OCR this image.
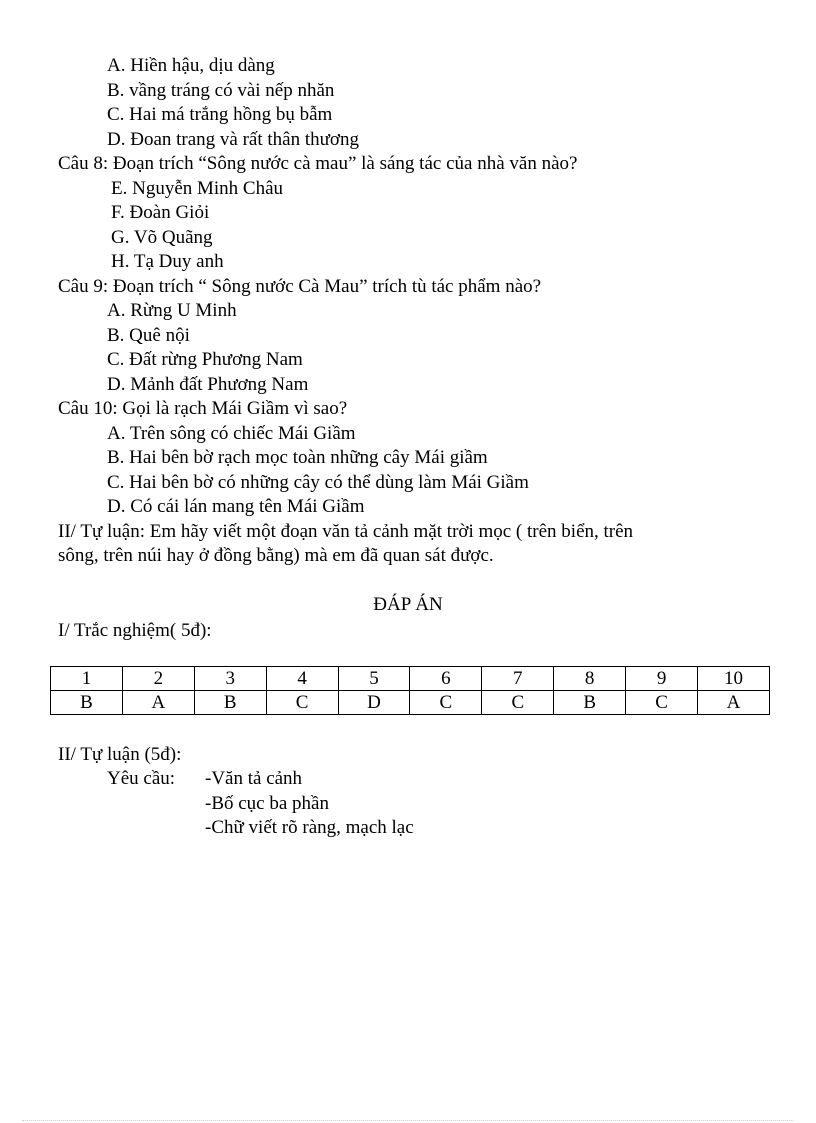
A. Hiền hậu, dịu dàng
B. vầng tráng có vài nếp nhăn
C. Hai má trắng hồng bụ bẫm
D. Đoan trang và rất thân thương
Câu 8: Đoạn trích “Sông nước cà mau” là sáng tác của nhà văn nào?
E. Nguyễn Minh Châu
F. Đoàn Giỏi
G. Võ Quãng
H. Tạ Duy anh
Câu 9: Đoạn trích “ Sông nước Cà Mau” trích tù tác phẩm nào?
A. Rừng U Minh
B. Quê nội
C. Đất rừng Phương Nam
D. Mảnh đất Phương Nam
Câu 10: Gọi là rạch Mái Giầm vì sao?
A. Trên sông có chiếc Mái Giầm
B. Hai bên bờ rạch mọc toàn những cây Mái giầm
C. Hai bên bờ có những cây có thể dùng làm Mái Giầm
D. Có cái lán mang tên Mái Giầm
II/ Tự luận: Em hãy viết một đoạn văn tả cảnh mặt trời mọc ( trên biển, trên
sông, trên núi hay ở đồng bằng) mà em đã quan sát được.
ĐÁP ÁN
I/ Trắc nghiệm( 5đ):
1	2	3	4	5	6	7	8	9	10
B	A	B	C	D	C	C	B	C	A
II/ Tự luận (5đ):
Yêu cầu: -Văn tả cảnh
-Bố cục ba phần
-Chữ viết rõ ràng, mạch lạc
